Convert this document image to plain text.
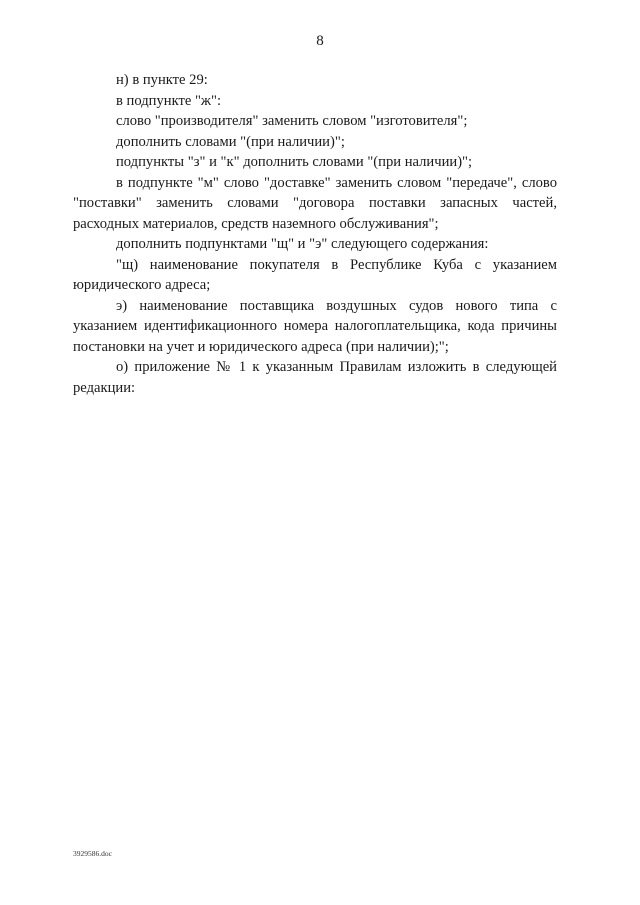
8

н) в пункте 29:

в подпункте "ж":

слово "производителя" заменить словом "изготовителя";

дополнить словами "(при наличии)";

подпункты "з" и "к" дополнить словами "(при наличии)";

в подпункте "м" слово "доставке" заменить словом "передаче", слово "поставки" заменить словами "договора поставки запасных частей, расходных материалов, средств наземного обслуживания";

дополнить подпунктами "щ" и "э" следующего содержания:

"щ) наименование покупателя в Республике Куба с указанием юридического адреса;

э) наименование поставщика воздушных судов нового типа с указанием идентификационного номера налогоплательщика, кода причины постановки на учет и юридического адреса (при наличии);";

о) приложение № 1 к указанным Правилам изложить в следующей редакции:

3929586.doc
